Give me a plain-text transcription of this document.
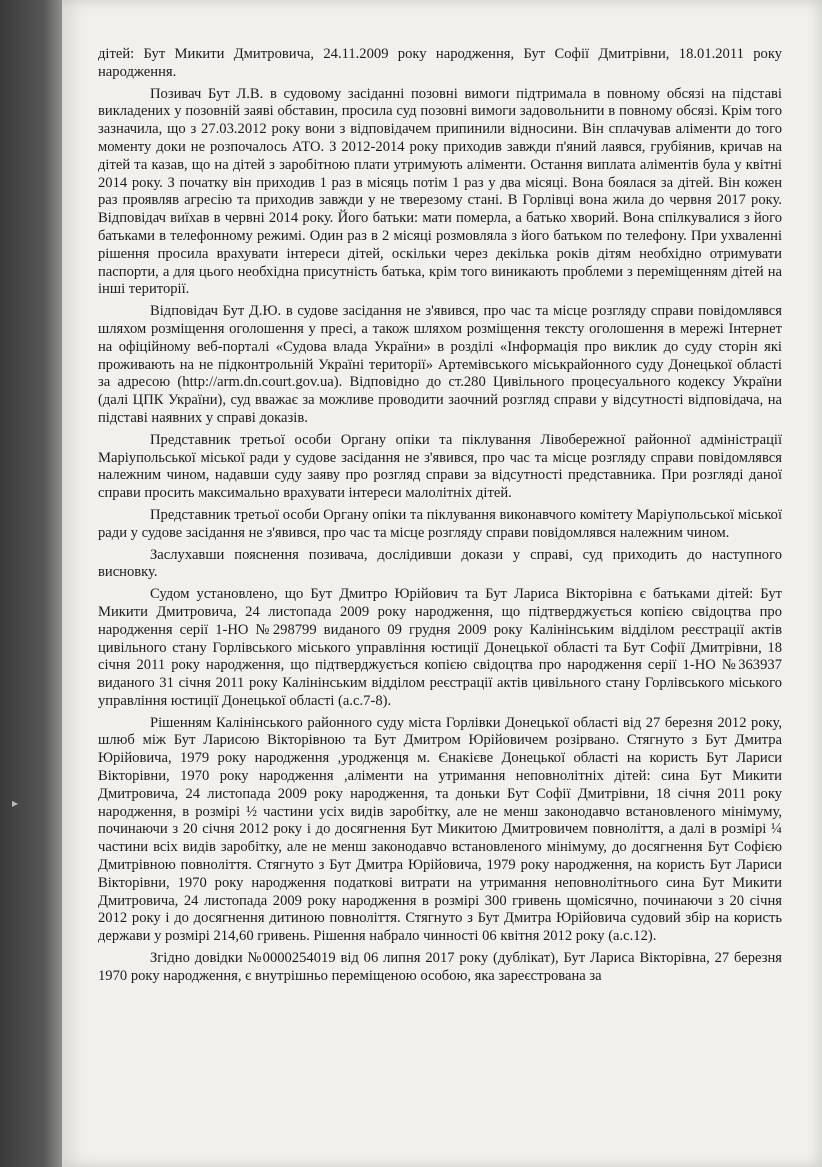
▸

дітей: Бут Микити Дмитровича, 24.11.2009 року народження, Бут Софії Дмитрівни, 18.01.2011 року народження.

Позивач Бут Л.В. в судовому засіданні позовні вимоги підтримала в повному обсязі на підставі викладених у позовній заяві обставин, просила суд позовні вимоги задовольнити в повному обсязі. Крім того зазначила, що з 27.03.2012 року вони з відповідачем припинили відносини. Він сплачував аліменти до того моменту доки не розпочалось АТО. З 2012-2014 року приходив завжди п'яний лаявся, грубіянив, кричав на дітей та казав, що на дітей з заробітною плати утримують аліменти. Остання виплата аліментів була у квітні 2014 року. З початку він приходив 1 раз в місяць потім 1 раз у два місяці. Вона боялася за дітей. Він кожен раз проявляв агресію та приходив завжди у не тверезому стані. В Горлівці вона жила до червня 2017 року. Відповідач виїхав в червні 2014 року. Його батьки: мати померла, а батько хворий. Вона спілкувалися з його батьками в телефонному режимі. Один раз в 2 місяці розмовляла з його батьком по телефону. При ухваленні рішення просила врахувати інтереси дітей, оскільки через декілька років дітям необхідно отримувати паспорти, а для цього необхідна присутність батька, крім того виникають проблеми з переміщенням дітей на інші території.

Відповідач Бут Д.Ю. в судове засідання не з'явився, про час та місце розгляду справи повідомлявся шляхом розміщення оголошення у пресі, а також шляхом розміщення тексту оголошення в мережі Інтернет на офіційному веб-порталі «Судова влада України» в розділі «Інформація про виклик до суду сторін які проживають на не підконтрольній Україні території» Артемівського міськрайонного суду Донецької області за адресою (http://arm.dn.court.gov.ua). Відповідно до ст.280 Цивільного процесуального кодексу України (далі ЦПК України), суд вважає за можливе проводити заочний розгляд справи у відсутності відповідача, на підставі наявних у справі доказів.

Представник третьої особи Органу опіки та піклування Лівобережної районної адміністрації Маріупольської міської ради у судове засідання не з'явився, про час та місце розгляду справи повідомлявся належним чином, надавши суду заяву про розгляд справи за відсутності представника. При розгляді даної справи просить максимально врахувати інтереси малолітніх дітей.

Представник третьої особи Органу опіки та піклування виконавчого комітету Маріупольської міської ради у судове засідання не з'явився, про час та місце розгляду справи повідомлявся належним чином.

Заслухавши пояснення позивача, дослідивши докази у справі, суд приходить до наступного висновку.

Судом установлено, що Бут Дмитро Юрійович та Бут Лариса Вікторівна є батьками дітей: Бут Микити Дмитровича, 24 листопада 2009 року народження, що підтверджується копією свідоцтва про народження серії 1-НО №298799 виданого 09 грудня 2009 року Калінінським відділом реєстрації актів цивільного стану Горлівського міського управління юстиції Донецької області та Бут Софії Дмитрівни, 18 січня 2011 року народження, що підтверджується копією свідоцтва про народження серії 1-НО №363937 виданого 31 січня 2011 року Калінінським відділом реєстрації актів цивільного стану Горлівського міського управління юстиції Донецької області (а.с.7-8).

Рішенням Калінінського районного суду міста Горлівки Донецької області від 27 березня 2012 року, шлюб між Бут Ларисою Вікторівною та Бут Дмитром Юрійовичем розірвано. Стягнуто з Бут Дмитра Юрійовича, 1979 року народження ,уродженця м. Єнакієве Донецької області на користь Бут Лариси Вікторівни, 1970 року народження ,аліменти на утримання неповнолітніх дітей: сина Бут Микити Дмитровича, 24 листопада 2009 року народження, та доньки Бут Софії Дмитрівни, 18 січня 2011 року народження, в розмірі ½ частини усіх видів заробітку, але не менш законодавчо встановленого мінімуму, починаючи з 20 січня 2012 року і до досягнення Бут Микитою Дмитровичем повноліття, а далі в розмірі ¼ частини всіх видів заробітку, але не менш законодавчо встановленого мінімуму, до досягнення Бут Софією Дмитрівною повноліття. Стягнуто з Бут Дмитра Юрійовича, 1979 року народження, на користь Бут Лариси Вікторівни, 1970 року народження податкові витрати на утримання неповнолітнього сина Бут Микити Дмитровича, 24 листопада 2009 року народження в розмірі 300 гривень щомісячно, починаючи з 20 січня 2012 року і до досягнення дитиною повноліття. Стягнуто з Бут Дмитра Юрійовича судовий збір на користь держави у розмірі 214,60 гривень. Рішення набрало чинності 06 квітня 2012 року (а.с.12).

Згідно довідки №0000254019 від 06 липня 2017 року (дублікат), Бут Лариса Вікторівна, 27 березня 1970 року народження, є внутрішньо переміщеною особою, яка зареєстрована за
